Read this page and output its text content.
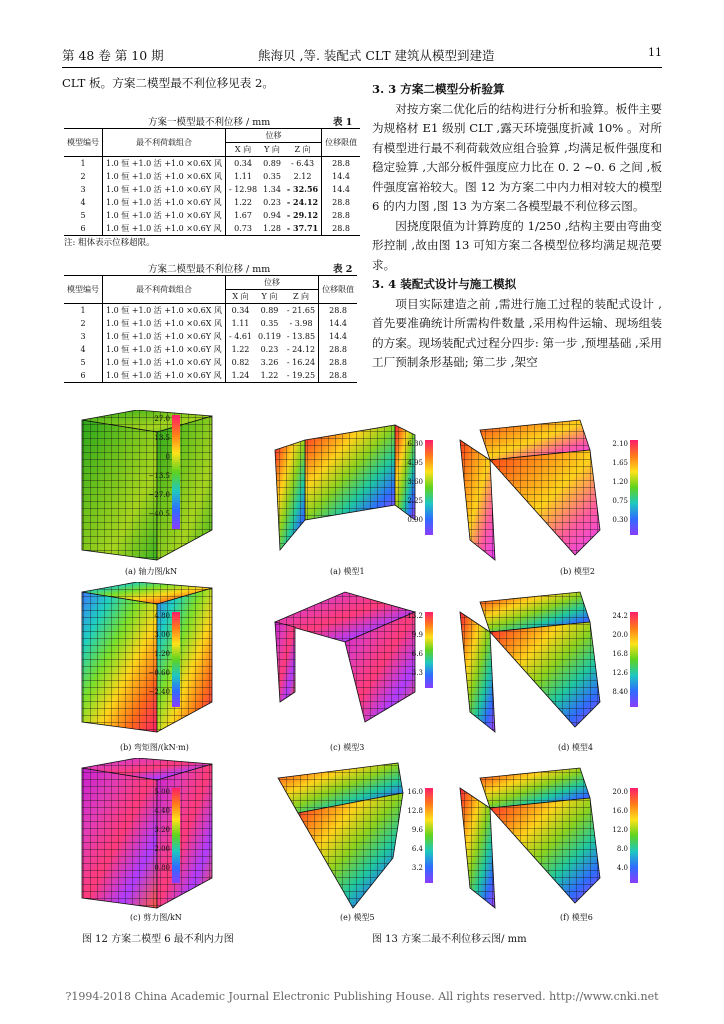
第 48 卷 第 10 期	熊海贝 ,等. 装配式 CLT 建筑从模型到建造	11
CLT 板。方案二模型最不利位移见表 2。
方案一模型最不利位移 / mm	表 1
模型编号	最不利荷载组合	位移			位移限值
		X 向	Y 向	Z 向	
1	1.0 恒 +1.0 活 +1.0 ×0.6X 风	0.34	0.89	- 6.43	28.8
2	1.0 恒 +1.0 活 +1.0 ×0.6X 风	1.11	0.35	2.12	14.4
3	1.0 恒 +1.0 活 +1.0 ×0.6Y 风	- 12.98	1.34	- 32.56	14.4
4	1.0 恒 +1.0 活 +1.0 ×0.6Y 风	1.22	0.23	- 24.12	28.8
5	1.0 恒 +1.0 活 +1.0 ×0.6Y 风	1.67	0.94	- 29.12	28.8
6	1.0 恒 +1.0 活 +1.0 ×0.6Y 风	0.73	1.28	- 37.71	28.8
注: 粗体表示位移超限。
方案二模型最不利位移 / mm	表 2
模型编号	最不利荷载组合	位移			位移限值
		X 向	Y 向	Z 向	
1	1.0 恒 +1.0 活 +1.0 ×0.6X 风	0.34	0.89	- 21.65	28.8
2	1.0 恒 +1.0 活 +1.0 ×0.6X 风	1.11	0.35	- 3.98	14.4
3	1.0 恒 +1.0 活 +1.0 ×0.6Y 风	- 4.61	0.119	- 13.85	14.4
4	1.0 恒 +1.0 活 +1.0 ×0.6Y 风	1.22	0.23	- 24.12	28.8
5	1.0 恒 +1.0 活 +1.0 ×0.6Y 风	0.82	3.26	- 16.24	28.8
6	1.0 恒 +1.0 活 +1.0 ×0.6Y 风	1.24	1.22	- 19.25	28.8
3. 3 方案二模型分析验算

对按方案二优化后的结构进行分析和验算。板件主要为规格材 E1 级别 CLT ,露天环境强度折减 10% 。对所有模型进行最不利荷载效应组合验算 ,均满足板件强度和稳定验算 ,大部分板件强度应力比在 0. 2 ~0. 6 之间 ,板件强度富裕较大。图 12 为方案二中内力相对较大的模型 6 的内力图 ,图 13 为方案二各模型最不利位移云图。

因挠度限值为计算跨度的 1/250 ,结构主要由弯曲变形控制 ,故由图 13 可知方案二各模型位移均满足规范要求。

3. 4 装配式设计与施工模拟

项目实际建造之前 ,需进行施工过程的装配式设计 ,首先要准确统计所需构件数量 ,采用构件运输、现场组装的方案。现场装配式过程分四步: 第一步 ,预埋基础 ,采用工厂预制条形基础; 第二步 ,架空

27.0
13.5
0
−13.5
−27.0
−40.5
(a) 轴力图/kN
6.30
4.95
3.60
2.25
0.90
(a) 模型1
2.10
1.65
1.20
0.75
0.30
(b) 模型2
4.80
3.00
1.20
−0.60
−2.40
(b) 弯矩图/(kN·m)
13.2
9.9
6.6
3.3
(c) 模型3
24.2
20.0
16.8
12.6
8.40
(d) 模型4
5.00
4.40
3.20
2.00
0.80
(c) 剪力图/kN
16.0
12.8
9.6
6.4
3.2
(e) 模型5
20.0
16.0
12.0
8.0
4.0
(f) 模型6
图 12 方案二模型 6 最不利内力图	图 13 方案二最不利位移云图/ mm
?1994-2018 China Academic Journal Electronic Publishing House. All rights reserved. http://www.cnki.net
